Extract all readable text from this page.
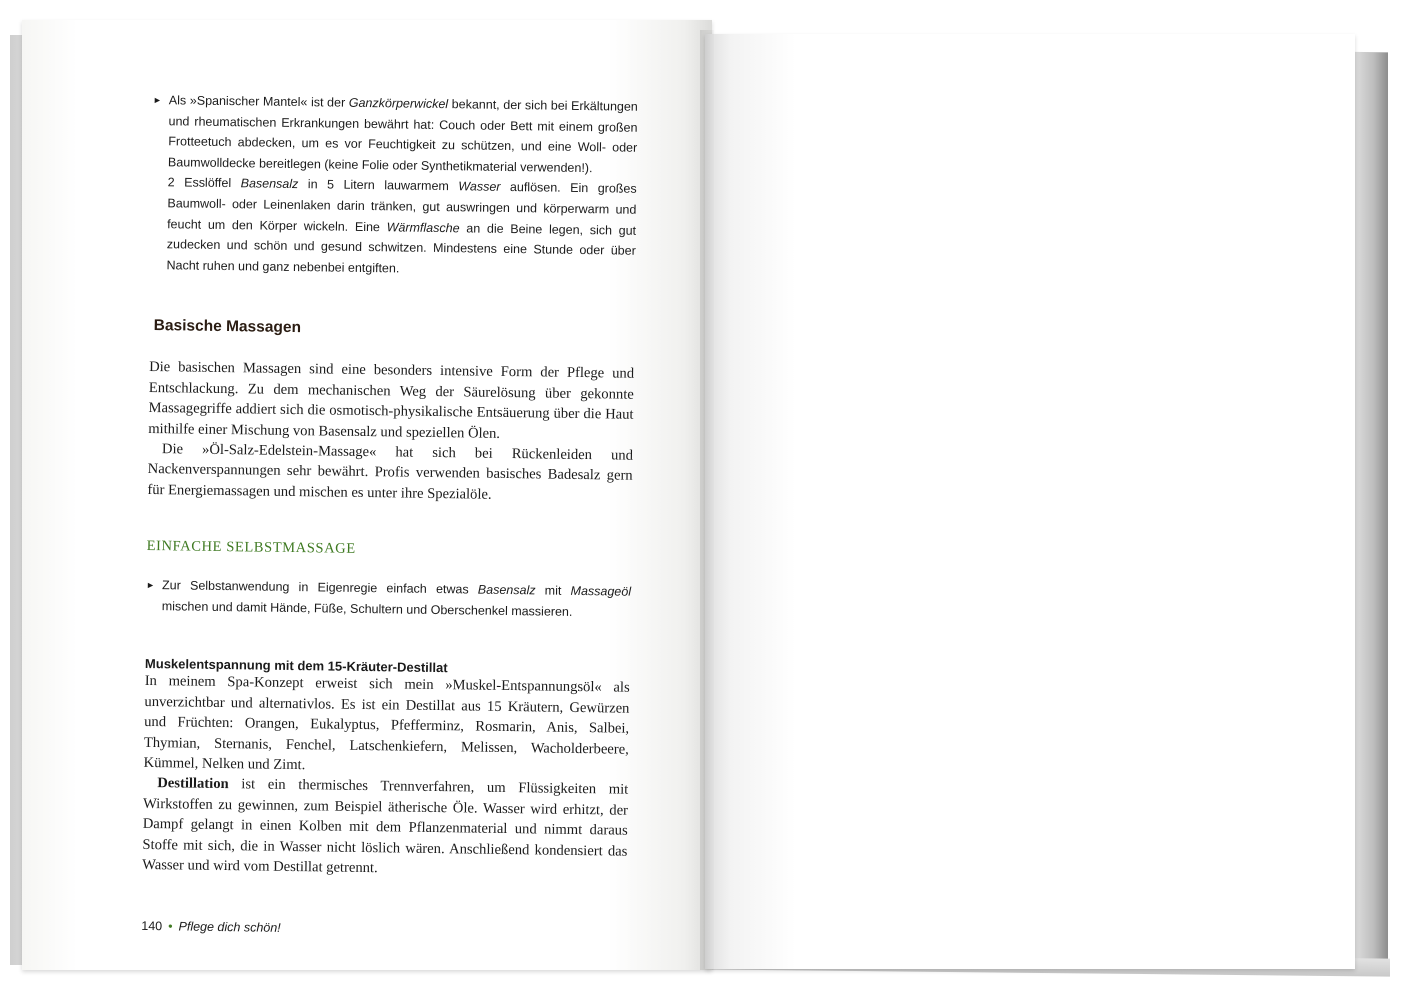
► Als »Spanischer Mantel« ist der Ganzkörperwickel bekannt, der sich bei Erkältungen und rheumatischen Erkrankungen bewährt hat: Couch oder Bett mit einem großen Frotteetuch abdecken, um es vor Feuchtigkeit zu schützen, und eine Woll- oder Baumwolldecke bereitlegen (keine Folie oder Synthetikmaterial verwenden!).
2 Esslöffel Basensalz in 5 Litern lauwarmem Wasser auflösen. Ein großes Baumwoll- oder Leinenlaken darin tränken, gut auswringen und körperwarm und feucht um den Körper wickeln. Eine Wärmflasche an die Beine legen, sich gut zudecken und schön und gesund schwitzen. Mindestens eine Stunde oder über Nacht ruhen und ganz nebenbei entgiften.
Basische Massagen

Die basischen Massagen sind eine besonders intensive Form der Pflege und Entschlackung. Zu dem mechanischen Weg der Säurelösung über gekonnte Massagegriffe addiert sich die osmotisch-physikalische Entsäuerung über die Haut mithilfe einer Mischung von Basensalz und speziellen Ölen.

Die »Öl-Salz-Edelstein-Massage« hat sich bei Rückenleiden und Nackenverspannungen sehr bewährt. Profis verwenden basisches Badesalz gern für Energiemassagen und mischen es unter ihre Spezialöle.

EINFACHE SELBSTMASSAGE
► Zur Selbstanwendung in Eigenregie einfach etwas Basensalz mit Massageöl mischen und damit Hände, Füße, Schultern und Oberschenkel massieren.
Muskelentspannung mit dem 15-Kräuter-Destillat

In meinem Spa-Konzept erweist sich mein »Muskel-Entspannungsöl« als unverzichtbar und alternativlos. Es ist ein Destillat aus 15 Kräutern, Gewürzen und Früchten: Orangen, Eukalyptus, Pfefferminz, Rosmarin, Anis, Salbei, Thymian, Sternanis, Fenchel, Latschenkiefern, Melissen, Wacholderbeere, Kümmel, Nelken und Zimt.

Destillation ist ein thermisches Trennverfahren, um Flüssigkeiten mit Wirkstoffen zu gewinnen, zum Beispiel ätherische Öle. Wasser wird erhitzt, der Dampf gelangt in einen Kolben mit dem Pflanzenmaterial und nimmt daraus Stoffe mit sich, die in Wasser nicht löslich wären. Anschließend kondensiert das Wasser und wird vom Destillat getrennt.

140 • Pflege dich schön!
